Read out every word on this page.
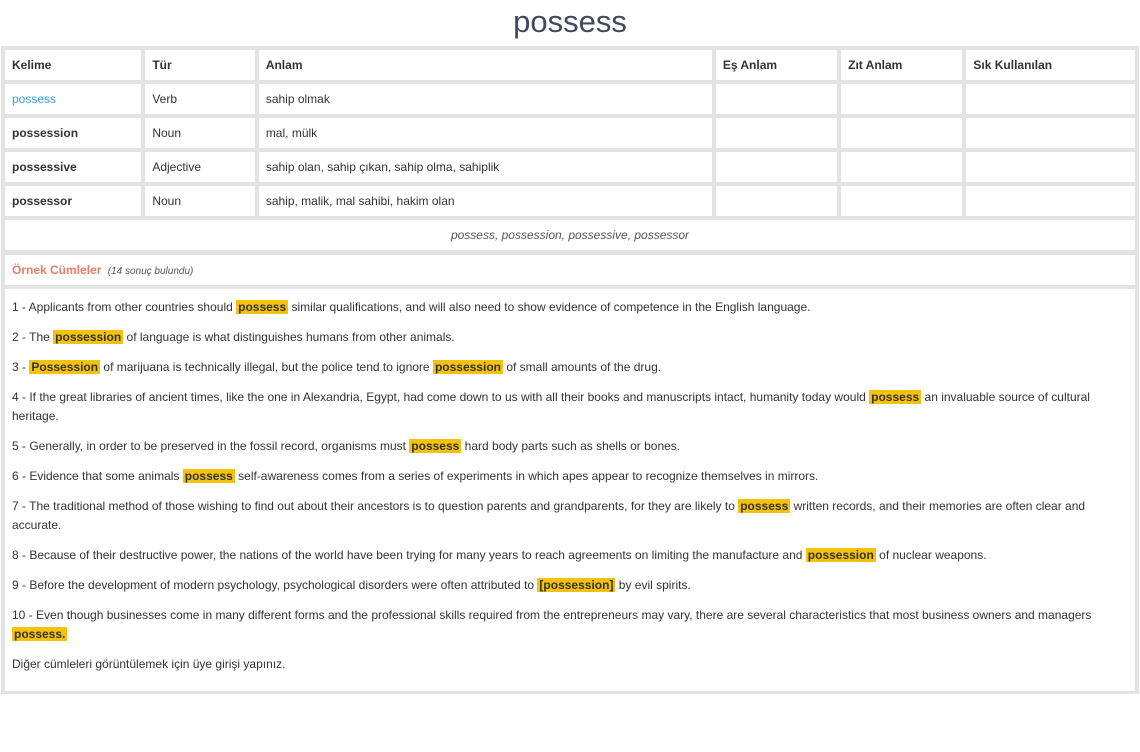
possess
Kelime	Tür	Anlam	Eş Anlam	Zıt Anlam	Sık Kullanılan
possess	Verb	sahip olmak			
possession	Noun	mal, mülk			
possessive	Adjective	sahip olan, sahip çıkan, sahip olma, sahiplik			
possessor	Noun	sahip, malik, mal sahibi, hakim olan			
possess, possession, possessive, possessor					
Örnek Cümleler (14 sonuç bulundu)

1 - Applicants from other countries should possess similar qualifications, and will also need to show evidence of competence in the English language.

2 - The possession of language is what distinguishes humans from other animals.

3 - Possession of marijuana is technically illegal, but the police tend to ignore possession of small amounts of the drug.

4 - If the great libraries of ancient times, like the one in Alexandria, Egypt, had come down to us with all their books and manuscripts intact, humanity today would possess an invaluable source of cultural heritage.

5 - Generally, in order to be preserved in the fossil record, organisms must possess hard body parts such as shells or bones.

6 - Evidence that some animals possess self-awareness comes from a series of experiments in which apes appear to recognize themselves in mirrors.

7 - The traditional method of those wishing to find out about their ancestors is to question parents and grandparents, for they are likely to possess written records, and their memories are often clear and accurate.

8 - Because of their destructive power, the nations of the world have been trying for many years to reach agreements on limiting the manufacture and possession of nuclear weapons.

9 - Before the development of modern psychology, psychological disorders were often attributed to [possession] by evil spirits.

10 - Even though businesses come in many different forms and the professional skills required from the entrepreneurs may vary, there are several characteristics that most business owners and managers possess.

Diğer cümleleri görüntülemek için üye girişi yapınız.
